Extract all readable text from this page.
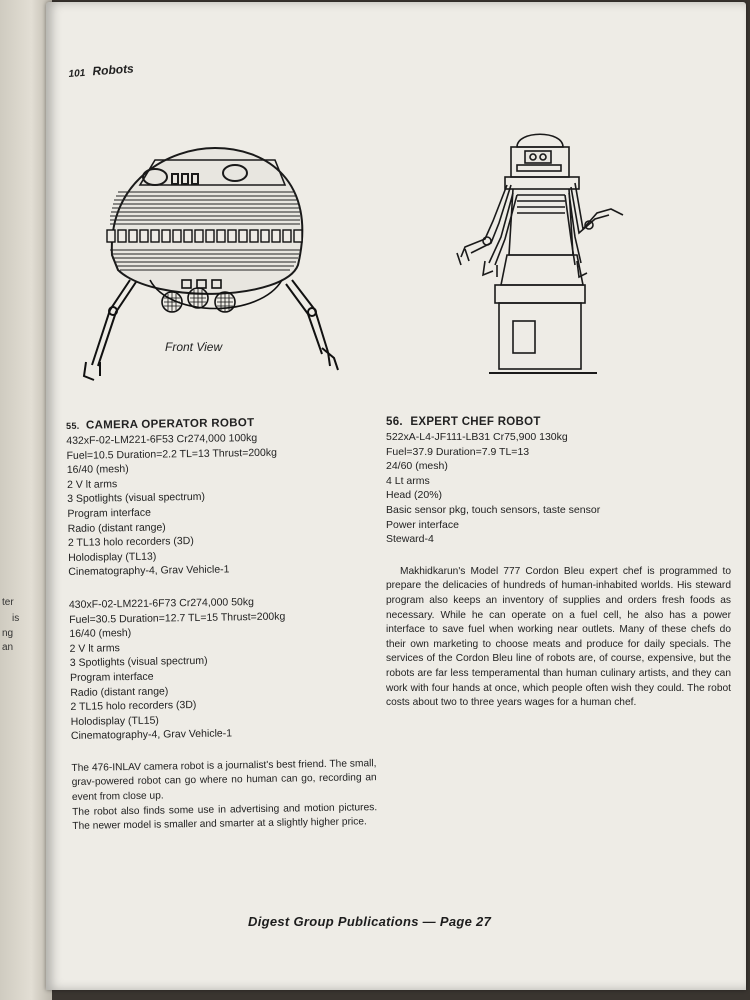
ter
is
ng
an
101 Robots
Front View
55. CAMERA OPERATOR ROBOT
432xF-02-LM221-6F53 Cr274,000 100kg
Fuel=10.5 Duration=2.2 TL=13 Thrust=200kg
16/40 (mesh)
2 V lt arms
3 Spotlights (visual spectrum)
Program interface
Radio (distant range)
2 TL13 holo recorders (3D)
Holodisplay (TL13)
Cinematography-4, Grav Vehicle-1
430xF-02-LM221-6F73 Cr274,000 50kg
Fuel=30.5 Duration=12.7 TL=15 Thrust=200kg
16/40 (mesh)
2 V lt arms
3 Spotlights (visual spectrum)
Program interface
Radio (distant range)
2 TL15 holo recorders (3D)
Holodisplay (TL15)
Cinematography-4, Grav Vehicle-1

The 476-INLAV camera robot is a journalist's best friend. The small, grav-powered robot can go where no human can go, recording an event from close up.

The robot also finds some use in advertising and motion pictures. The newer model is smaller and smarter at a slightly higher price.

56. EXPERT CHEF ROBOT
522xA-L4-JF111-LB31 Cr75,900 130kg
Fuel=37.9 Duration=7.9 TL=13
24/60 (mesh)
4 Lt arms
Head (20%)
Basic sensor pkg, touch sensors, taste sensor
Power interface
Steward-4

Makhidkarun's Model 777 Cordon Bleu expert chef is programmed to prepare the delicacies of hundreds of human-inhabited worlds. His steward program also keeps an inventory of supplies and orders fresh foods as necessary. While he can operate on a fuel cell, he also has a power interface to save fuel when working near outlets. Many of these chefs do their own marketing to choose meats and produce for daily specials. The services of the Cordon Bleu line of robots are, of course, expensive, but the robots are far less temperamental than human culinary artists, and they can work with four hands at once, which people often wish they could. The robot costs about two to three years wages for a human chef.

Digest Group Publications — Page 27
